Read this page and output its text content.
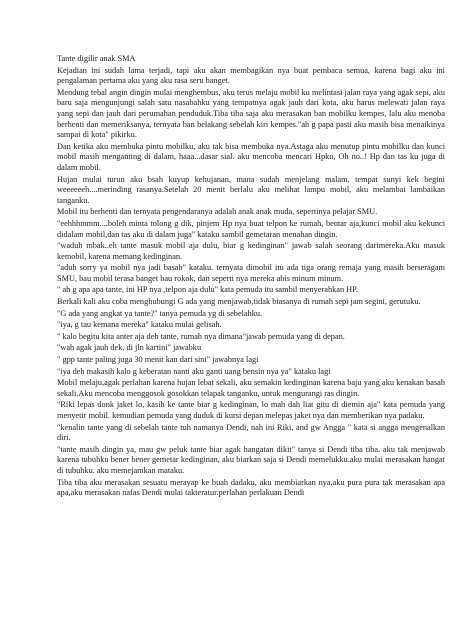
Tante digilir anak SMA

Kejadian ini sudah lama terjadi, tapi aku akan membagikan nya buat pembaca semua, karena bagi aku ini pengalaman pertama aku yang aku rasa seru banget.

Mendung tebal angin dingin mulai menghembus, aku terus melaju mobil ku melintasi jalan raya yang agak sepi, aku baru saja mengunjungi salah satu nasabahku yang tempatnya agak jauh dari kota, aku harus melewati jalan raya yang sepi dan jauh dari perumahan penduduk.Tiba tiba saja aku merasakan ban mobilku kempes, lalu aku menoba berhenti dan memeriksanya, ternyata ban belakang sebelah kiri kempes."ah g papa pasti aku masih bisa menaikinya sampai di kota" pikirku.

Dan ketika aku membuka pintu mobilku, aku tak bisa membuka nya.Astaga aku menutup pintu mobilku dan kunci mobil masih menganting di dalam, haaa...dasar sial. aku mencoba mencari Hpku, Oh no..! Hp dan tas ku juga di dalam mobil.

Hujan mulai turun aku bsah kuyup kehujanan, mana sudah menjelang malam, tempat sunyi kek begini weeeeeeh....merinding rasanya.Setelah 20 menit berlalu aku melihat lampu mobil, aku melambai lambaikan tanganku.

Mobil itu berhenti dan ternyata pengendaranya adalah anak anak muda, sepertinya pelajar SMU.

"eehhhmmm....boleh minta tolong g dik, pinjem Hp nya buat telpon ke rumah, bentar aja,kunci mobil aku kekunci didalam mobil,dan tas aku di dalam juga" kataku sambil gemetaran menahan dingin.

"waduh mbak..eh tante masuk mobil aja dulu, biar g kedinginan" jawab salah seorang darimereka.Aku masuk kemobil, karena memang kedinginan.

"aduh sorry ya mobil nya jadi basah" kataku. ternyata dimobil itu ada tiga orang remaja yang masih berseragam SMU, bau mobil terasa banget bau rokok, dan seperti nya mereka abis minum minum.

" ah g apa apa tante, ini HP nya ,telpon aja dulu" kata pemuda itu sambil menyerahkan HP.

Berkali kali aku coba menghubungi G ada yang menjawab,tidak biasanya di rumah sepi jam segini, gerutuku.

"G ada yang angkat ya tante?" tanya pemuda yg di sebelahku.

"iya, g tau kemana mereka" kataku mulai gelisah.

" kalo begitu kita anter aja deh tante, rumah nya dimana"jawab pemuda yang di depan.

"wah agak jauh dek, di jln kartini" jawabku

" gpp tante paling juga 30 menit kan dari sini" jawabnya lagi

"iya deh makasih kalo g keberatan nanti aku ganti uang bensin nya ya" kataku lagi

Mobil melaju,agak perlahan karena hujan lebat sekali, aku semakin kedinginan karena baju yang aku kenakan basah sekali.Aku mencoba menggosok gosokkan telapak tanganku, untuk mengurangi ras dingin.

"Riki lepas donk jaket lo, kasih ke tante biar g kedinginan, lo mah dah liat gitu di diemin aja" kata pemuda yang menyetir mobil. kemudian pemuda yang duduk di kursi depan melepas jaket nya dan memberikan nya padaku.

"kenalin tante yang di sebelah tante tuh namanya Dendi, nah ini Riki, and gw Angga " kata si angga mengenalkan diri.

"tante masih dingin ya, mau gw peluk tante biar agak hangatan dikit" tanya si Dendi tiba tiba. aku tak menjawab karena tubuhku bener bener gemetar kedinginan, aku biarkan saja si Dendi memelukku.aku mulai merasakan hangat di tubuhku. aku memejamkan mataku.

Tiba tiba aku merasakan sesuatu merayap ke buah dadaku, aku membiarkan nya,aku pura pura tak merasakan apa apa,aku merasakan nafas Dendi mulai takteratur.perlahan perlakuan Dendi
